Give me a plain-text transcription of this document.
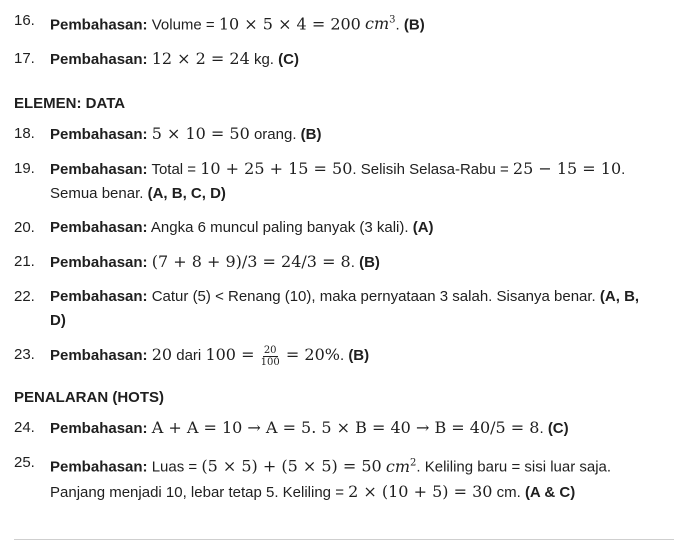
16.	Pembahasan: Volume = 10 × 5 × 4 = 200 $cm^3$. (B)
17.	Pembahasan: 12 × 2 = 24 kg. (C)
ELEMEN: DATA
18.	Pembahasan: 5 × 10 = 50 orang. (B)
19.	Pembahasan: Total = 10 + 25 + 15 = 50. Selisih Selasa-Rabu = 25 − 15 = 10.
Semua benar. (A, B, C, D)
20.	Pembahasan: Angka 6 muncul paling banyak (3 kali). (A)
21.	Pembahasan: (7 + 8 + 9)/3 = 24/3 = 8. (B)
22.	Pembahasan: Catur (5) < Renang (10), maka pernyataan 3 salah. Sisanya benar. (A, B,
D)
23.	Pembahasan: 20 dari $100 = \frac{20}{100} = 20\%$. (B)
PENALARAN (HOTS)
24.	Pembahasan: A + A = 10 → A = 5. 5 × B = 40 → B = 40/5 = 8. (C)
25.	Pembahasan: Luas = (5 × 5) + (5 × 5) = 50 $cm^2$. Keliling baru = sisi luar saja.
Panjang menjadi 10, lebar tetap 5. Keliling = 2 × (10 + 5) = 30 cm. (A & C)
